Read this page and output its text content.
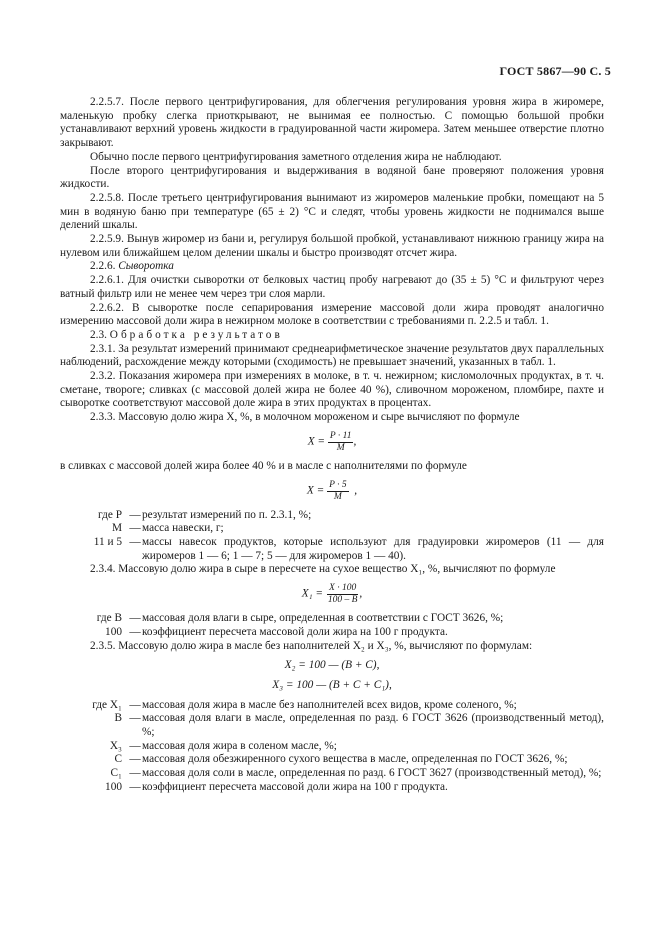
ГОСТ 5867—90 С. 5

2.2.5.7. После первого центрифугирования, для облегчения регулирования уровня жира в жиромере, маленькую пробку слегка приоткрывают, не вынимая ее полностью. С помощью большой пробки устанавливают верхний уровень жидкости в градуированной части жиромера. Затем меньшее отверстие плотно закрывают.

Обычно после первого центрифугирования заметного отделения жира не наблюдают.

После второго центрифугирования и выдерживания в водяной бане проверяют положения уровня жидкости.

2.2.5.8. После третьего центрифугирования вынимают из жиромеров маленькие пробки, помещают на 5 мин в водяную баню при температуре (65 ± 2) °С и следят, чтобы уровень жидкости не поднимался выше делений шкалы.

2.2.5.9. Вынув жиромер из бани и, регулируя большой пробкой, устанавливают нижнюю границу жира на нулевом или ближайшем целом делении шкалы и быстро производят отсчет жира.

2.2.6. Сыворотка

2.2.6.1. Для очистки сыворотки от белковых частиц пробу нагревают до (35 ± 5) °С и фильтруют через ватный фильтр или не менее чем через три слоя марли.

2.2.6.2. В сыворотке после сепарирования измерение массовой доли жира проводят аналогично измерению массовой доли жира в нежирном молоке в соответствии с требованиями п. 2.2.5 и табл. 1.

2.3. Обработка результатов

2.3.1. За результат измерений принимают среднеарифметическое значение результатов двух параллельных наблюдений, расхождение между которыми (сходимость) не превышает значений, указанных в табл. 1.

2.3.2. Показания жиромера при измерениях в молоке, в т. ч. нежирном; кисломолочных продуктах, в т. ч. сметане, твороге; сливках (с массовой долей жира не более 40 %), сливочном мороженом, пломбире, пахте и сыворотке соответствуют массовой доле жира в этих продуктах в процентах.

2.3.3. Массовую долю жира X, %, в молочном мороженом и сыре вычисляют по формуле

$X = \frac{P \cdot 11}{M}$ ,

в сливках с массовой долей жира более 40 % и в масле с наполнителями по формуле

$X = \frac{P \cdot 5}{M}$ ,
где P — результат измерений по п. 2.3.1, %;
M — масса навески, г;
11 и 5 — массы навесок продуктов, которые используют для градуировки жиромеров (11 — для жиромеров 1 — 6; 1 — 7; 5 — для жиромеров 1 — 40).

2.3.4. Массовую долю жира в сыре в пересчете на сухое вещество X₁, %, вычисляют по формуле

$X_1 = \frac{X \cdot 100}{100 - B}$ ,
где B — массовая доля влаги в сыре, определенная в соответствии с ГОСТ 3626, %;
100 — коэффициент пересчета массовой доли жира на 100 г продукта.

2.3.5. Массовую долю жира в масле без наполнителей X₂ и X₃, %, вычисляют по формулам:

X₂ = 100 — (B + C),
X₃ = 100 — (B + C + C₁),
где X₁ — массовая доля жира в масле без наполнителей всех видов, кроме соленого, %;
B — массовая доля влаги в масле, определенная по разд. 6 ГОСТ 3626 (производственный метод), %;
X₃ — массовая доля жира в соленом масле, %;
C — массовая доля обезжиренного сухого вещества в масле, определенная по ГОСТ 3626, %;
C₁ — массовая доля соли в масле, определенная по разд. 6 ГОСТ 3627 (производственный метод), %;
100 — коэффициент пересчета массовой доли жира на 100 г продукта.
